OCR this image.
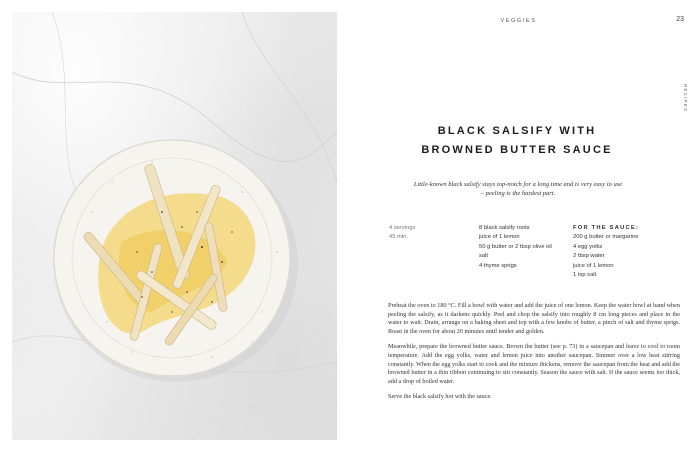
VEGGIES	23
RECIPES
BLACK SALSIFY WITH
BROWNED BUTTER SAUCE
Little-known black salsify stays top-notch for a long time and is very easy to use
– peeling is the hardest part.
4 servings
45 min.
8 black salsify roots
juice of 1 lemon
50 g butter or 2 tbsp olive oil
salt
4 thyme sprigs
FOR THE SAUCE:
200 g butter or margarine
4 egg yolks
2 tbsp water
juice of 1 lemon
1 tsp salt

Preheat the oven to 180 °C. Fill a bowl with water and add the juice of one lemon. Keep the water bowl at hand when peeling the salsify, as it darkens quickly. Peel and chop the salsify into roughly 8 cm long pieces and place in the water to wait. Drain, arrange on a baking sheet and top with a few knobs of butter, a pinch of salt and thyme sprigs. Roast in the oven for about 20 minutes until tender and golden.

Meanwhile, prepare the browned butter sauce. Brown the butter (see p. 73) in a saucepan and leave to cool to room temperature. Add the egg yolks, water and lemon juice into another saucepan. Simmer over a low heat stirring constantly. When the egg yolks start to cook and the mixture thickens, remove the saucepan from the heat and add the browned butter in a thin ribbon continuing to stir constantly. Season the sauce with salt. If the sauce seems too thick, add a drop of boiled water.

Serve the black salsify hot with the sauce.
